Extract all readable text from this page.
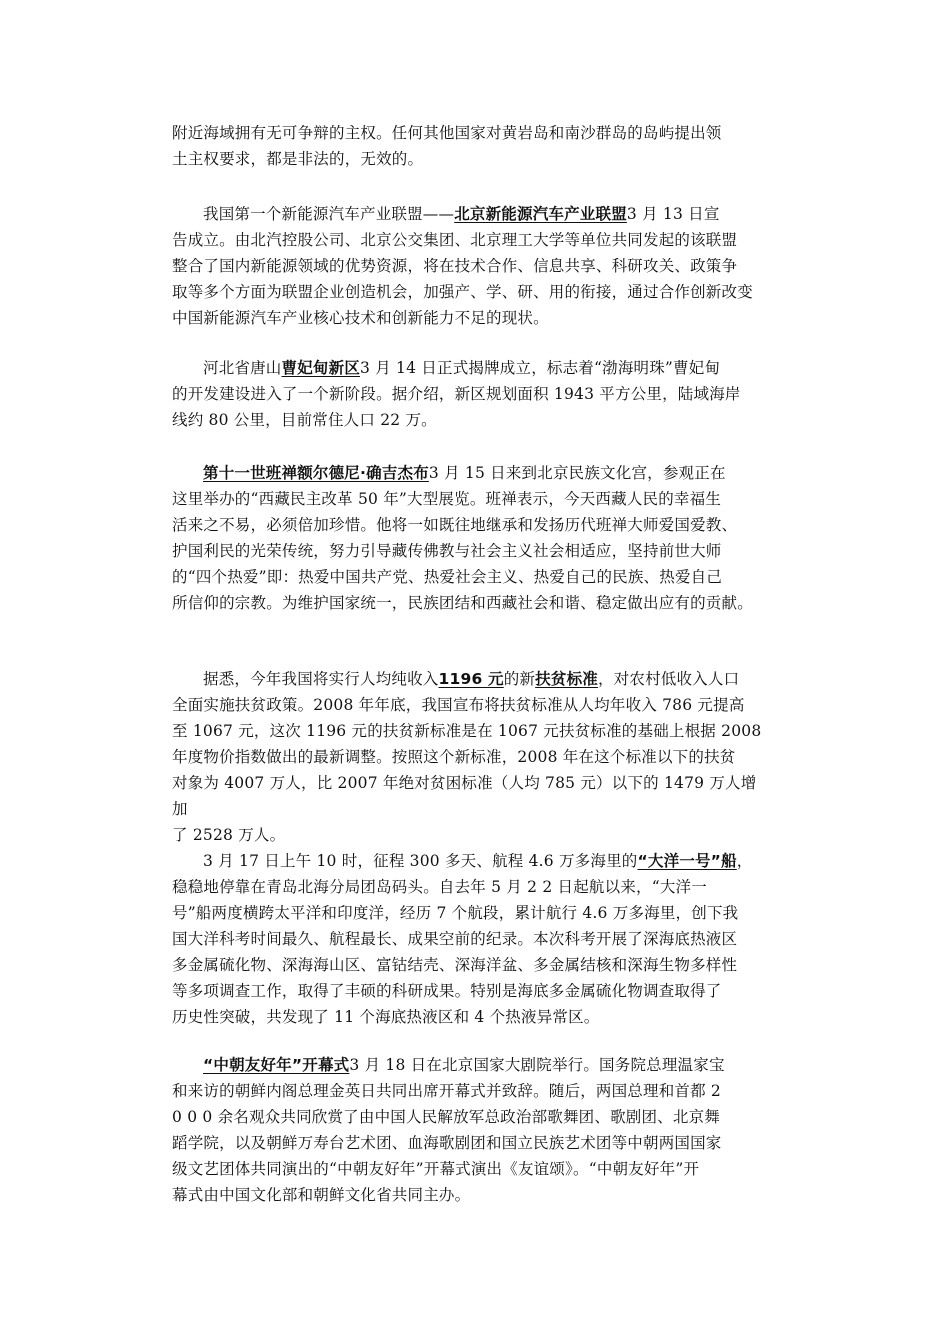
附近海域拥有无可争辩的主权。任何其他国家对黄岩岛和南沙群岛的岛屿提出领

土主权要求，都是非法的，无效的。

我国第一个新能源汽车产业联盟——北京新能源汽车产业联盟3 月 13 日宣

告成立。由北汽控股公司、北京公交集团、北京理工大学等单位共同发起的该联盟

整合了国内新能源领域的优势资源，将在技术合作、信息共享、科研攻关、政策争

取等多个方面为联盟企业创造机会，加强产、学、研、用的衔接，通过合作创新改变

中国新能源汽车产业核心技术和创新能力不足的现状。

河北省唐山曹妃甸新区3 月 14 日正式揭牌成立，标志着“渤海明珠”曹妃甸

的开发建设进入了一个新阶段。据介绍，新区规划面积 1943 平方公里，陆域海岸

线约 80 公里，目前常住人口 22 万。

第十一世班禅额尔德尼·确吉杰布3 月 15 日来到北京民族文化宫，参观正在

这里举办的“西藏民主改革 50 年”大型展览。班禅表示，今天西藏人民的幸福生

活来之不易，必须倍加珍惜。他将一如既往地继承和发扬历代班禅大师爱国爱教、

护国利民的光荣传统，努力引导藏传佛教与社会主义社会相适应，坚持前世大师

的“四个热爱”即：热爱中国共产党、热爱社会主义、热爱自己的民族、热爱自己

所信仰的宗教。为维护国家统一，民族团结和西藏社会和谐、稳定做出应有的贡献。

据悉，今年我国将实行人均纯收入1196 元的新扶贫标准，对农村低收入人口

全面实施扶贫政策。2008 年年底，我国宣布将扶贫标准从人均年收入 786 元提高

至 1067 元，这次 1196 元的扶贫新标准是在 1067 元扶贫标准的基础上根据 2008

年度物价指数做出的最新调整。按照这个新标准，2008 年在这个标准以下的扶贫

对象为 4007 万人，比 2007 年绝对贫困标准（人均 785 元）以下的 1479 万人增加

了 2528 万人。

3 月 17 日上午 10 时，征程 300 多天、航程 4.6 万多海里的“大洋一号”船，

稳稳地停靠在青岛北海分局团岛码头。自去年 5 月 2 2 日起航以来，“大洋一

号”船两度横跨太平洋和印度洋，经历 7 个航段，累计航行 4.6 万多海里，创下我

国大洋科考时间最久、航程最长、成果空前的纪录。本次科考开展了深海底热液区

多金属硫化物、深海海山区、富钴结壳、深海洋盆、多金属结核和深海生物多样性

等多项调查工作，取得了丰硕的科研成果。特别是海底多金属硫化物调查取得了

历史性突破，共发现了 11 个海底热液区和 4 个热液异常区。

“中朝友好年”开幕式3 月 18 日在北京国家大剧院举行。国务院总理温家宝

和来访的朝鲜内阁总理金英日共同出席开幕式并致辞。随后，两国总理和首都 2

0 0 0 余名观众共同欣赏了由中国人民解放军总政治部歌舞团、歌剧团、北京舞

蹈学院，以及朝鲜万寿台艺术团、血海歌剧团和国立民族艺术团等中朝两国国家

级文艺团体共同演出的“中朝友好年”开幕式演出《友谊颂》。“中朝友好年”开

幕式由中国文化部和朝鲜文化省共同主办。
